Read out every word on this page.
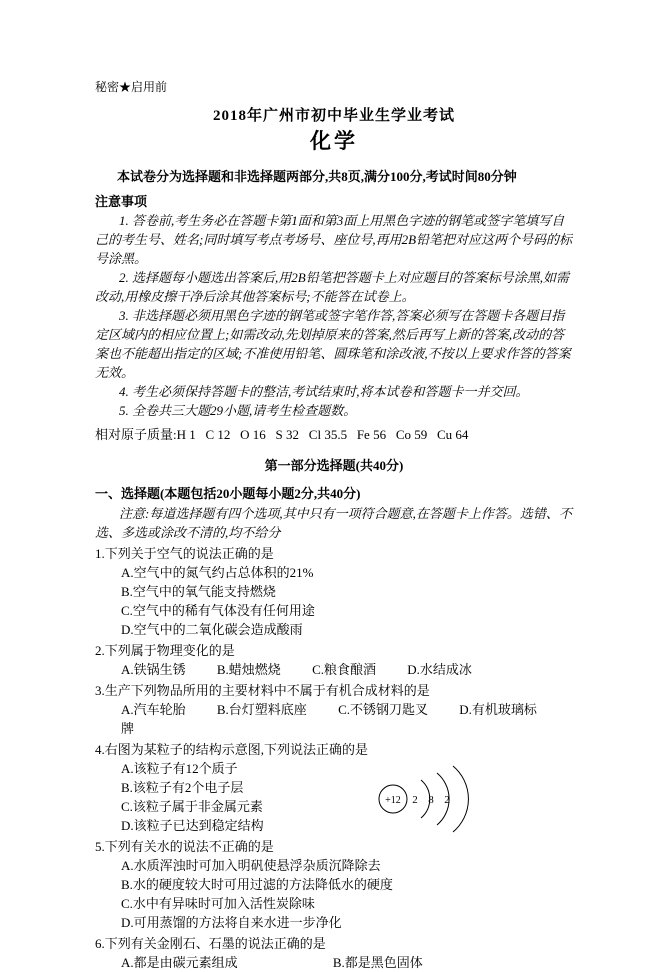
秘密★启用前
2018年广州市初中毕业生学业考试
化学
本试卷分为选择题和非选择题两部分,共8页,满分100分,考试时间80分钟
注意事项

1. 答卷前,考生务必在答题卡第1面和第3面上用黑色字迹的钢笔或签字笔填写自己的考生号、姓名;同时填写考点考场号、座位号,再用2B铅笔把对应这两个号码的标号涂黑。

2. 选择题每小题选出答案后,用2B铅笔把答题卡上对应题目的答案标号涂黑,如需改动,用橡皮擦干净后涂其他答案标号;不能答在试卷上。

3. 非选择题必须用黑色字迹的钢笔或签字笔作答,答案必须写在答题卡各题目指定区域内的相应位置上;如需改动,先划掉原来的答案,然后再写上新的答案,改动的答案也不能超出指定的区域;不准使用铅笔、圆珠笔和涂改液,不按以上要求作答的答案无效。

4. 考生必须保持答题卡的整洁,考试结束时,将本试卷和答题卡一并交回。

5. 全卷共三大题29小题,请考生检查题数。

相对原子质量:H 1   C 12   O 16   S 32   Cl 35.5   Fe 56   Co 59   Cu 64
第一部分选择题(共40分)
一、选择题(本题包括20小题每小题2分,共40分)
注意:每道选择题有四个选项,其中只有一项符合题意,在答题卡上作答。选错、不选、多选或涂改不清的,均不给分
1.下列关于空气的说法正确的是
A.空气中的氮气约占总体积的21%
B.空气中的氧气能支持燃烧
C.空气中的稀有气体没有任何用途
D.空气中的二氧化碳会造成酸雨
2.下列属于物理变化的是
A.铁锅生锈 B.蜡烛燃烧 C.粮食酿酒 D.水结成冰
3.生产下列物品所用的主要材料中不属于有机合成材料的是
A.汽车轮胎 B.台灯塑料底座 C.不锈钢刀匙叉 D.有机玻璃标牌
4.右图为某粒子的结构示意图,下列说法正确的是
A.该粒子有12个质子
B.该粒子有2个电子层
C.该粒子属于非金属元素
D.该粒子已达到稳定结构
+12 2 8 2
5.下列有关水的说法不正确的是
A.水质浑浊时可加入明矾使悬浮杂质沉降除去
B.水的硬度较大时可用过滤的方法降低水的硬度
C.水中有异味时可加入活性炭除味
D.可用蒸馏的方法将自来水进一步净化
6.下列有关金刚石、石墨的说法正确的是
A.都是由碳元素组成	B.都是黑色固体
